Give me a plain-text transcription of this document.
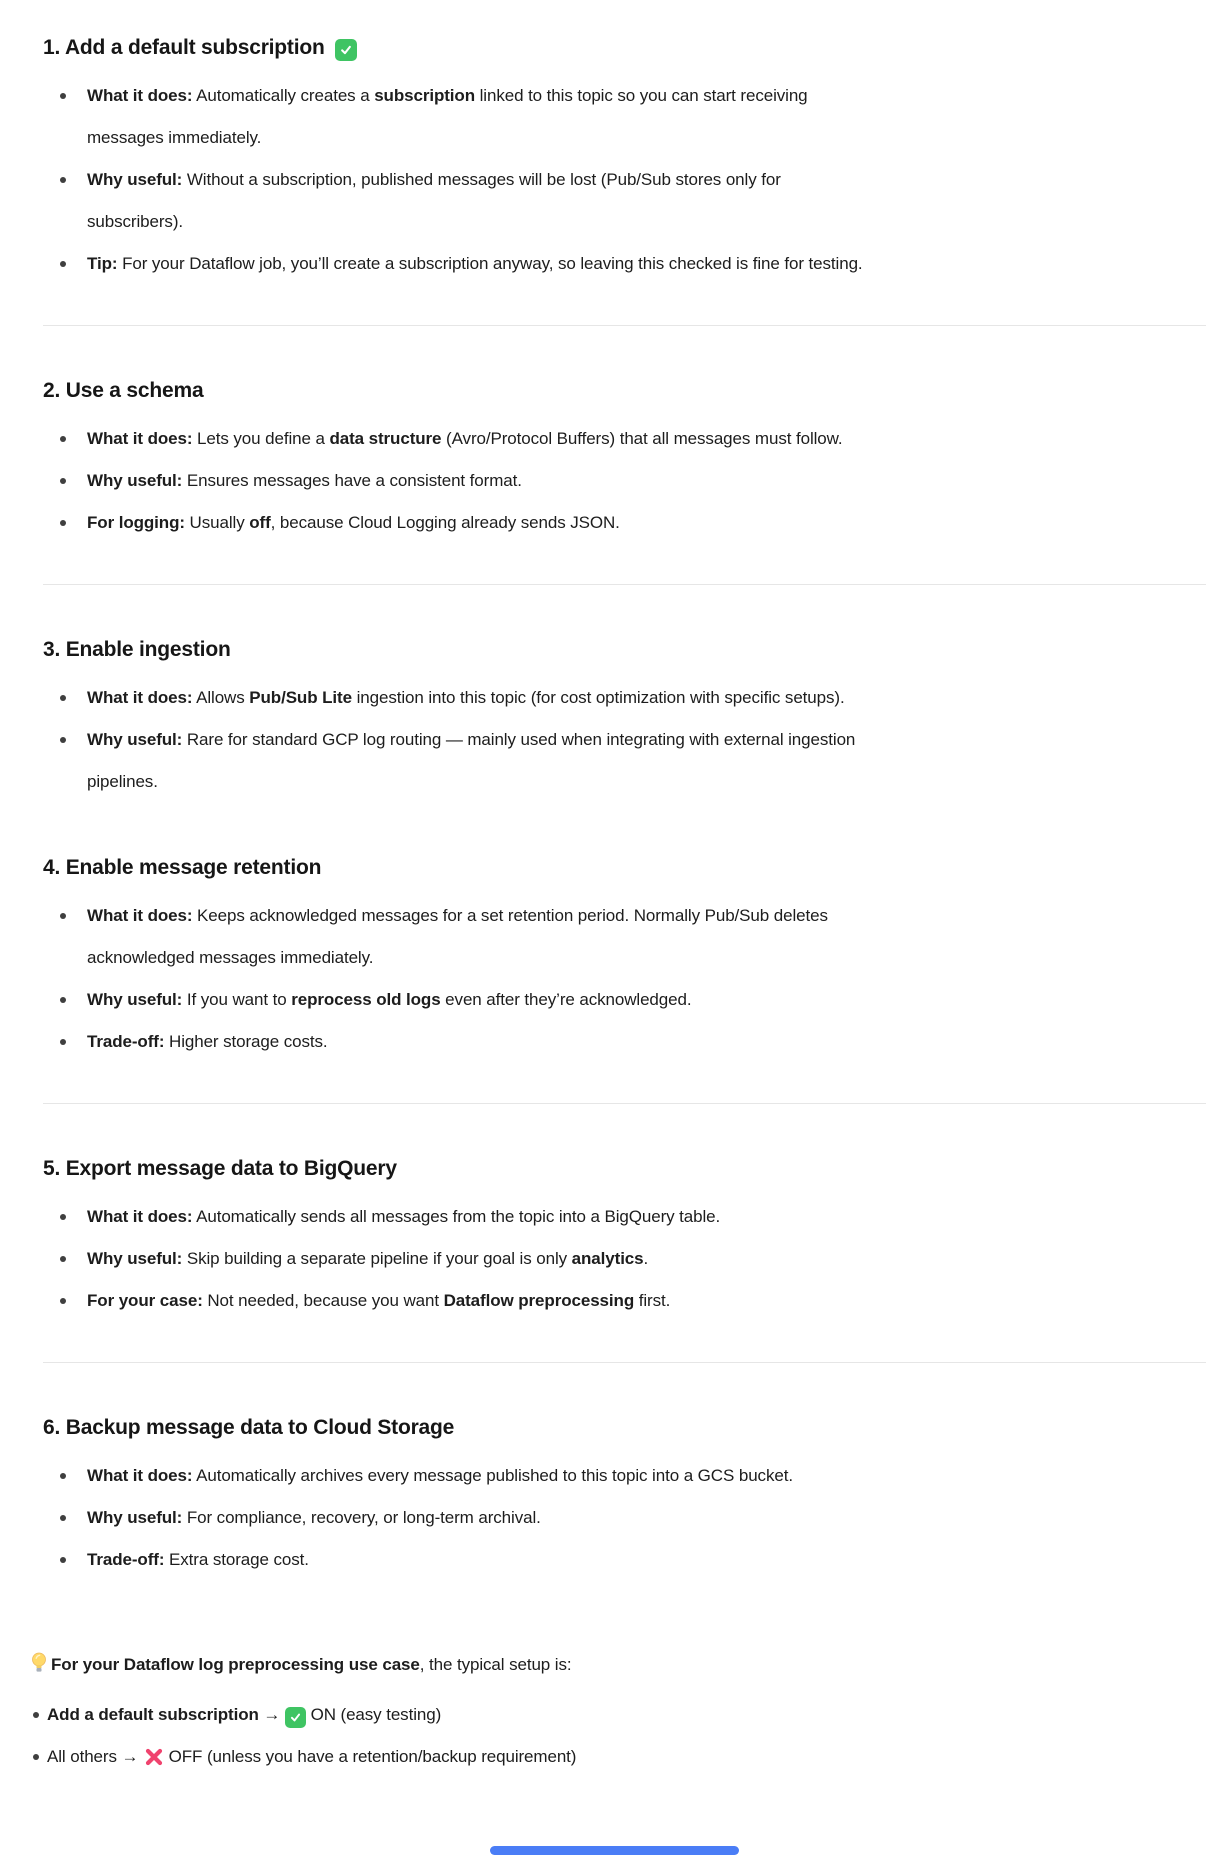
1. Add a default subscription
What it does: Automatically creates a subscription linked to this topic so you can start receiving
messages immediately.
Why useful: Without a subscription, published messages will be lost (Pub/Sub stores only for
subscribers).
Tip: For your Dataflow job, you’ll create a subscription anyway, so leaving this checked is fine for testing.
2. Use a schema
What it does: Lets you define a data structure (Avro/Protocol Buffers) that all messages must follow.
Why useful: Ensures messages have a consistent format.
For logging: Usually off, because Cloud Logging already sends JSON.
3. Enable ingestion
What it does: Allows Pub/Sub Lite ingestion into this topic (for cost optimization with specific setups).
Why useful: Rare for standard GCP log routing — mainly used when integrating with external ingestion
pipelines.
4. Enable message retention
What it does: Keeps acknowledged messages for a set retention period. Normally Pub/Sub deletes
acknowledged messages immediately.
Why useful: If you want to reprocess old logs even after they’re acknowledged.
Trade-off: Higher storage costs.
5. Export message data to BigQuery
What it does: Automatically sends all messages from the topic into a BigQuery table.
Why useful: Skip building a separate pipeline if your goal is only analytics.
For your case: Not needed, because you want Dataflow preprocessing first.
6. Backup message data to Cloud Storage
What it does: Automatically archives every message published to this topic into a GCS bucket.
Why useful: For compliance, recovery, or long-term archival.
Trade-off: Extra storage cost.

For your Dataflow log preprocessing use case, the typical setup is:

Add a default subscription →
ON (easy testing)
All others →
OFF (unless you have a retention/backup requirement)
